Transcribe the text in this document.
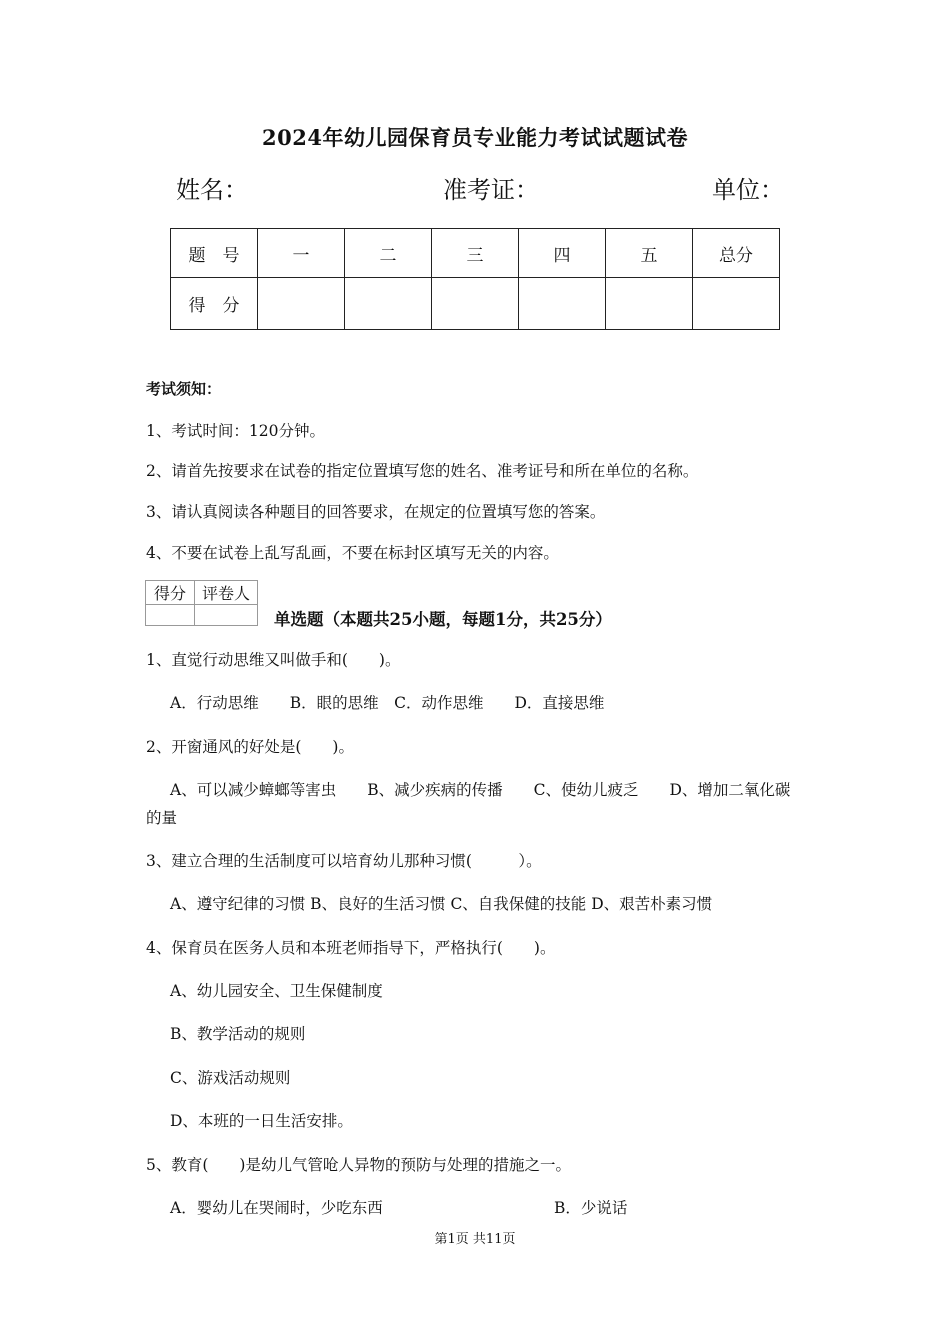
2024年幼儿园保育员专业能力考试试题试卷
姓名：	准考证：	单位：
题　号	一	二	三	四	五	总分
得　分						
考试须知：
1、考试时间：120分钟。
2、请首先按要求在试卷的指定位置填写您的姓名、准考证号和所在单位的名称。
3、请认真阅读各种题目的回答要求，在规定的位置填写您的答案。
4、不要在试卷上乱写乱画，不要在标封区填写无关的内容。
得分	评卷人

单选题（本题共25小题，每题1分，共25分）
1、直觉行动思维又叫做手和(　　)。
A．行动思维　　B．眼的思维　C．动作思维　　D．直接思维
2、开窗通风的好处是(　　)。
A、可以减少蟑螂等害虫　　B、减少疾病的传播　　C、使幼儿疲乏　　D、增加二氧化碳
的量
3、建立合理的生活制度可以培育幼儿那种习惯(　　　）。
A、遵守纪律的习惯 B、良好的生活习惯 C、自我保健的技能 D、艰苦朴素习惯
4、保育员在医务人员和本班老师指导下，严格执行(　　)。
A、幼儿园安全、卫生保健制度
B、教学活动的规则
C、游戏活动规则
D、本班的一日生活安排。
5、教育(　　)是幼儿气管呛人异物的预防与处理的措施之一。
A．婴幼儿在哭闹时，少吃东西	B．少说话
第1页 共11页
